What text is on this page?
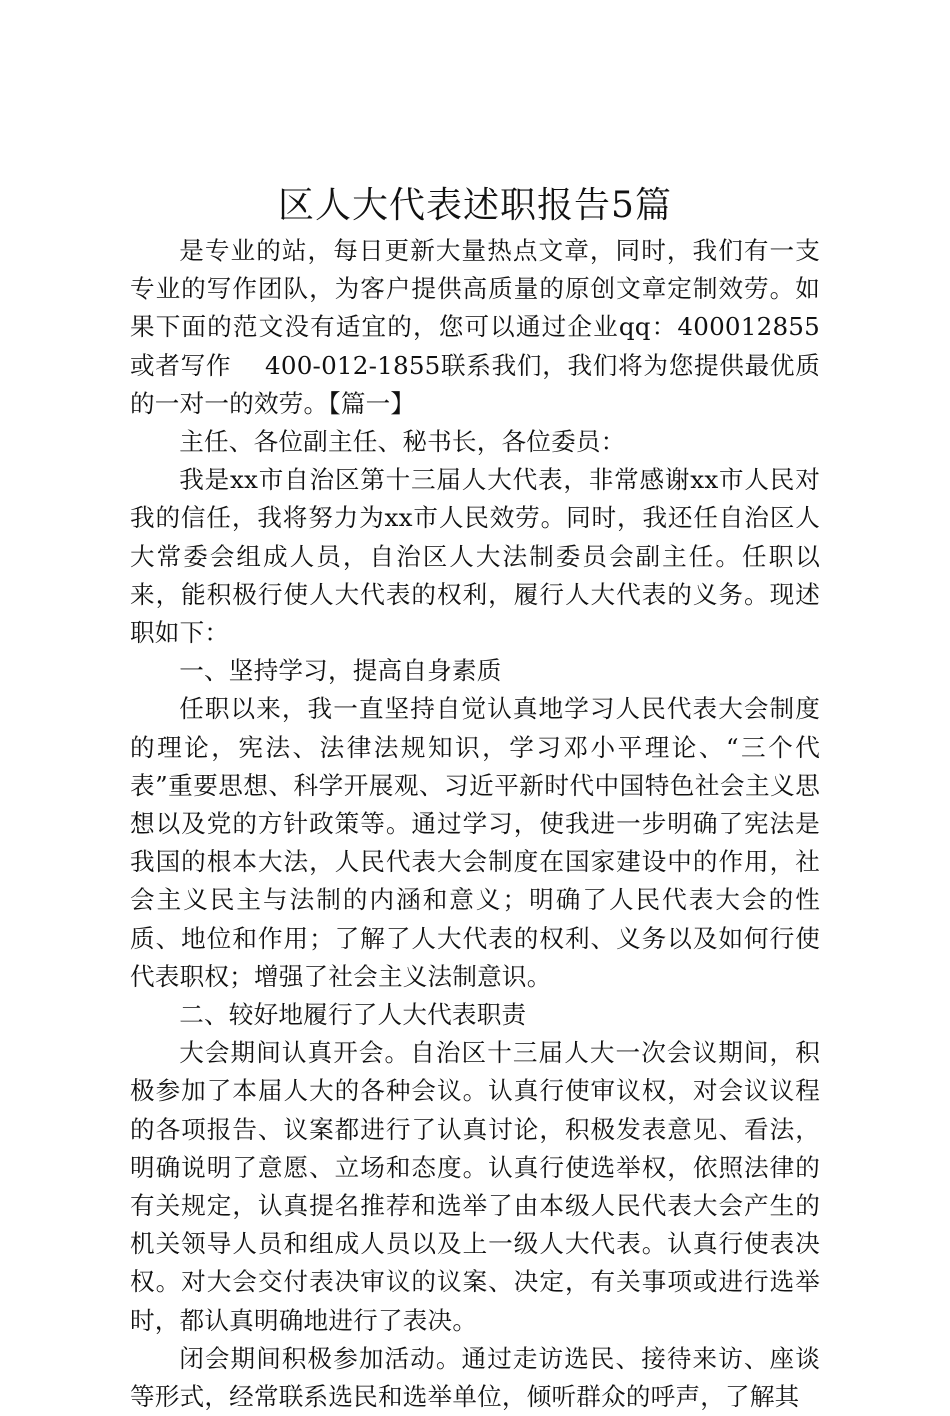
区人大代表述职报告5篇

是专业的站，每日更新大量热点文章，同时，我们有一支专业的写作团队，为客户提供高质量的原创文章定制效劳。如果下面的范文没有适宜的，您可以通过企业qq：400012855或者写作　 400-012-1855联系我们，我们将为您提供最优质的一对一的效劳。【篇一】

主任、各位副主任、秘书长，各位委员：

我是xx市自治区第十三届人大代表，非常感谢xx市人民对我的信任，我将努力为xx市人民效劳。同时，我还任自治区人大常委会组成人员，自治区人大法制委员会副主任。任职以来，能积极行使人大代表的权利，履行人大代表的义务。现述职如下：

一、坚持学习，提高自身素质

任职以来，我一直坚持自觉认真地学习人民代表大会制度的理论，宪法、法律法规知识，学习邓小平理论、“三个代表”重要思想、科学开展观、习近平新时代中国特色社会主义思想以及党的方针政策等。通过学习，使我进一步明确了宪法是我国的根本大法，人民代表大会制度在国家建设中的作用，社会主义民主与法制的内涵和意义；明确了人民代表大会的性质、地位和作用；了解了人大代表的权利、义务以及如何行使代表职权；增强了社会主义法制意识。

二、较好地履行了人大代表职责

大会期间认真开会。自治区十三届人大一次会议期间，积极参加了本届人大的各种会议。认真行使审议权，对会议议程的各项报告、议案都进行了认真讨论，积极发表意见、看法，明确说明了意愿、立场和态度。认真行使选举权，依照法律的有关规定，认真提名推荐和选举了由本级人民代表大会产生的机关领导人员和组成人员以及上一级人大代表。认真行使表决权。对大会交付表决审议的议案、决定，有关事项或进行选举时，都认真明确地进行了表决。

闭会期间积极参加活动。通过走访选民、接待来访、座谈等形式，经常联系选民和选举单位，倾听群众的呼声，了解其
